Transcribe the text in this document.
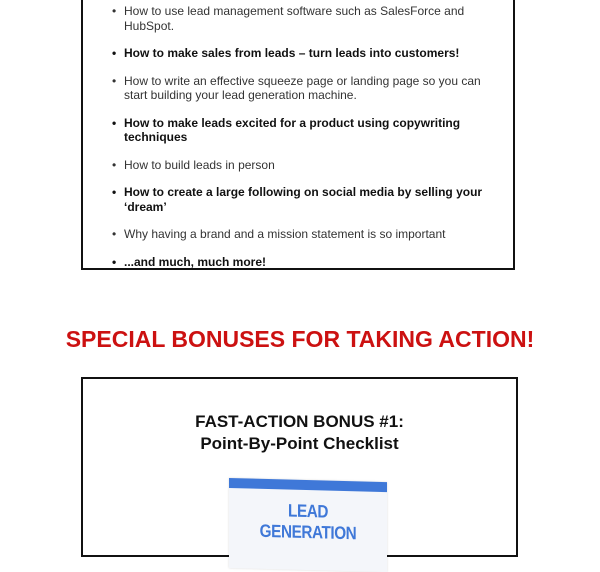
• How to use lead management software such as SalesForce and HubSpot.
• How to make sales from leads – turn leads into customers!
• How to write an effective squeeze page or landing page so you can start building your lead generation machine.
• How to make leads excited for a product using copywriting techniques
• How to build leads in person
• How to create a large following on social media by selling your ‘dream’
• Why having a brand and a mission statement is so important
• ...and much, much more!
SPECIAL BONUSES FOR TAKING ACTION!
FAST-ACTION BONUS #1:
Point-By-Point Checklist
LEAD GENERATION
